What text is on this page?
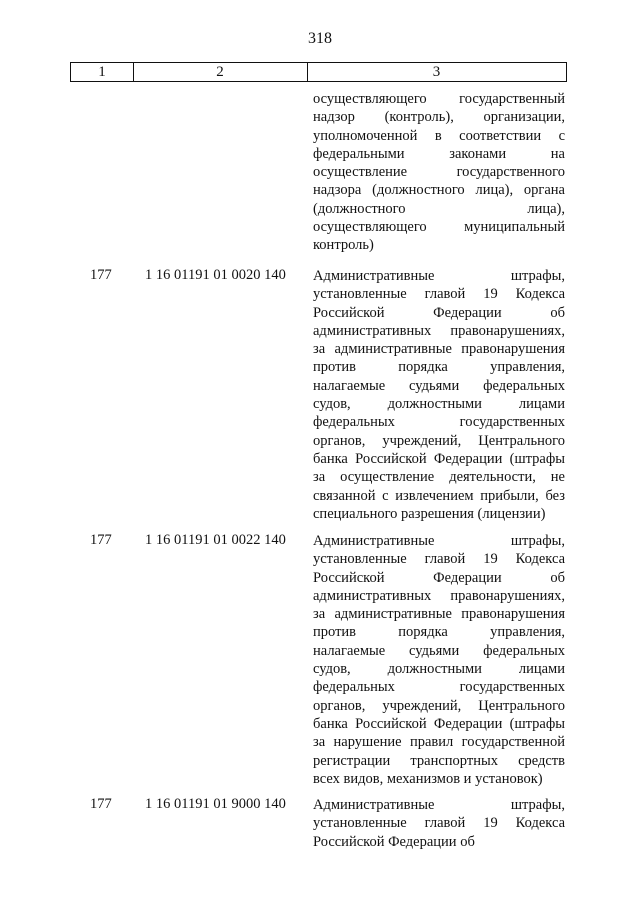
318
1	2	3
осуществляющего государственный
надзор (контроль), организации,
уполномоченной в соответствии с
федеральными	законами	на
осуществление	государственного
надзора (должностного лица), органа
(должностного	лица),
осуществляющего	муниципальный
контроль)
177 1 16 01191 01 0020 140	Административные	штрафы,
установленные главой 19 Кодекса
Российской	Федерации	об
административных правонарушениях,
за административные правонарушения
против	порядка	управления,
налагаемые судьями федеральных
судов,	должностными	лицами
федеральных	государственных
органов, учреждений, Центрального
банка Российской Федерации (штрафы
за осуществление деятельности, не
связанной с извлечением прибыли, без
специального разрешения (лицензии)
177 1 16 01191 01 0022 140	Административные	штрафы,
установленные главой 19 Кодекса
Российской	Федерации	об
административных правонарушениях,
за административные правонарушения
против	порядка	управления,
налагаемые судьями федеральных
судов,	должностными	лицами
федеральных	государственных
органов, учреждений, Центрального
банка Российской Федерации (штрафы
за нарушение правил государственной
регистрации транспортных средств
всех видов, механизмов и установок)
177 1 16 01191 01 9000 140	Административные	штрафы,
установленные главой 19 Кодекса
Российской Федерации об
